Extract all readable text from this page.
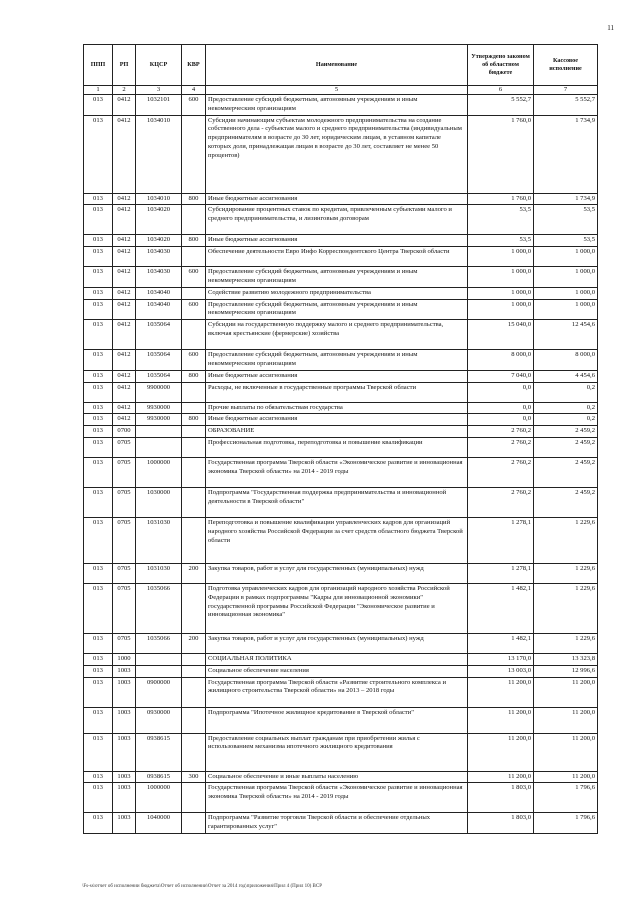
11
ППП	РП	КЦСР	КВР	Наименование	Утверждено законом об областном бюджете	Кассовое исполнение
1	2	3	4	5	6	7
013	0412	1032101	600	Предоставление субсидий бюджетным, автономным учреждениям и иным некоммерческим организациям	5 552,7	5 552,7
013	0412	1034010		Субсидии начинающим субъектам молодежного предпринимательства на создание собственного дела - субъектам малого и среднего предпринимательства (индивидуальным предпринимателям в возрасте до 30 лет, юридическим лицам, в уставном капитале которых доля, принадлежащая лицам в возрасте до 30 лет, составляет не менее 50 процентов)	1 760,0	1 734,9
013	0412	1034010	800	Иные бюджетные ассигнования	1 760,0	1 734,9
013	0412	1034020		Субсидирование процентных ставок по кредитам, привлеченным субъектами малого и среднего предпринимательства, и лизинговым договорам	53,5	53,5
013	0412	1034020	800	Иные бюджетные ассигнования	53,5	53,5
013	0412	1034030		Обеспечение деятельности Евро Инфо Корреспондентского Центра Тверской области	1 000,0	1 000,0
013	0412	1034030	600	Предоставление субсидий бюджетным, автономным учреждениям и иным некоммерческим организациям	1 000,0	1 000,0
013	0412	1034040		Содействие развитию молодежного предпринимательства	1 000,0	1 000,0
013	0412	1034040	600	Предоставление субсидий бюджетным, автономным учреждениям и иным некоммерческим организациям	1 000,0	1 000,0
013	0412	1035064		Субсидии на государственную поддержку малого и среднего предпринимательства, включая крестьянские (фермерские) хозяйства	15 040,0	12 454,6
013	0412	1035064	600	Предоставление субсидий бюджетным, автономным учреждениям и иным некоммерческим организациям	8 000,0	8 000,0
013	0412	1035064	800	Иные бюджетные ассигнования	7 040,0	4 454,6
013	0412	9900000		Расходы, не включенные в государственные программы Тверской области	0,0	0,2
013	0412	9930000		Прочие выплаты по обязательствам государства	0,0	0,2
013	0412	9930000	800	Иные бюджетные ассигнования	0,0	0,2
013	0700			ОБРАЗОВАНИЕ	2 760,2	2 459,2
013	0705			Профессиональная подготовка, переподготовка и повышение квалификации	2 760,2	2 459,2
013	0705	1000000		Государственная программа Тверской области «Экономическое развитие и инновационная экономика Тверской области» на 2014 - 2019 годы	2 760,2	2 459,2
013	0705	1030000		Подпрограмма "Государственная поддержка предпринимательства и инновационной деятельности в Тверской области"	2 760,2	2 459,2
013	0705	1031030		Переподготовка и повышение квалификации управленческих кадров для организаций народного хозяйства Российской Федерации за счет средств областного бюджета Тверской области	1 278,1	1 229,6
013	0705	1031030	200	Закупка товаров, работ и услуг для государственных (муниципальных) нужд	1 278,1	1 229,6
013	0705	1035066		Подготовка управленческих кадров для организаций народного хозяйства Российской Федерации в рамках подпрограммы "Кадры для инновационной экономики" государственной программы Российской Федерации "Экономическое развитие и инновационная экономика"	1 482,1	1 229,6
013	0705	1035066	200	Закупка товаров, работ и услуг для государственных (муниципальных) нужд	1 482,1	1 229,6
013	1000			СОЦИАЛЬНАЯ ПОЛИТИКА	13 170,0	13 323,8
013	1003			Социальное обеспечение населения	13 003,0	12 996,6
013	1003	0900000		Государственная программа Тверской области «Развитие строительного комплекса и жилищного строительства Тверской области» на 2013 – 2018 годы	11 200,0	11 200,0
013	1003	0930000		Подпрограмма "Ипотечное жилищное кредитование в Тверской области"	11 200,0	11 200,0
013	1003	0938615		Предоставление социальных выплат гражданам при приобретении жилья с использованием механизма ипотечного жилищного кредитования	11 200,0	11 200,0
013	1003	0938615	300	Социальное обеспечение и иные выплаты населению	11 200,0	11 200,0
013	1003	1000000		Государственная программа Тверской области «Экономическое развитие и инновационная экономика Тверской области» на 2014 - 2019 годы	1 803,0	1 796,6
013	1003	1040000		Подпрограмма "Развитие торговли Тверской области и обеспечение отдельных гарантированных услуг"	1 803,0	1 796,6
\Fs-ss\отчет об исполнении бюджета\Отчет об исполнении\Отчет за 2014 год\приложения\Прил 4 (Прил 10) ВСР
